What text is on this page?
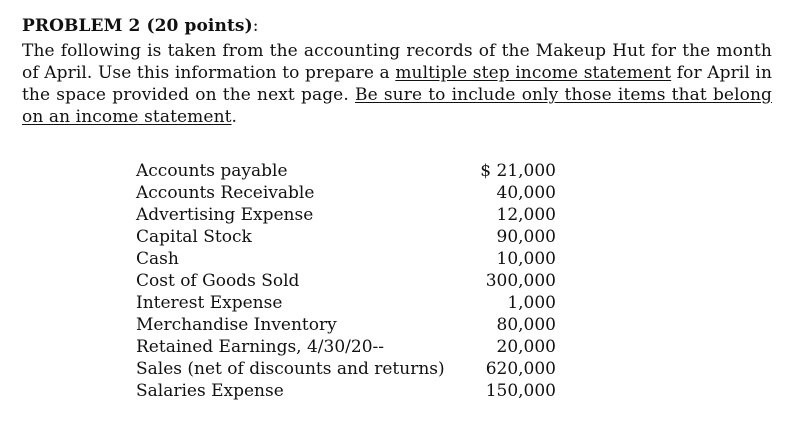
PROBLEM 2 (20 points):

The following is taken from the accounting records of the Makeup Hut for the month of April. Use this information to prepare a multiple step income statement for April in the space provided on the next page. Be sure to include only those items that belong on an income statement.

Accounts payable	$ 21,000
Accounts Receivable	40,000
Advertising Expense	12,000
Capital Stock	90,000
Cash	10,000
Cost of Goods Sold	300,000
Interest Expense	1,000
Merchandise Inventory	80,000
Retained Earnings, 4/30/20--	20,000
Sales (net of discounts and returns)	620,000
Salaries Expense	150,000
